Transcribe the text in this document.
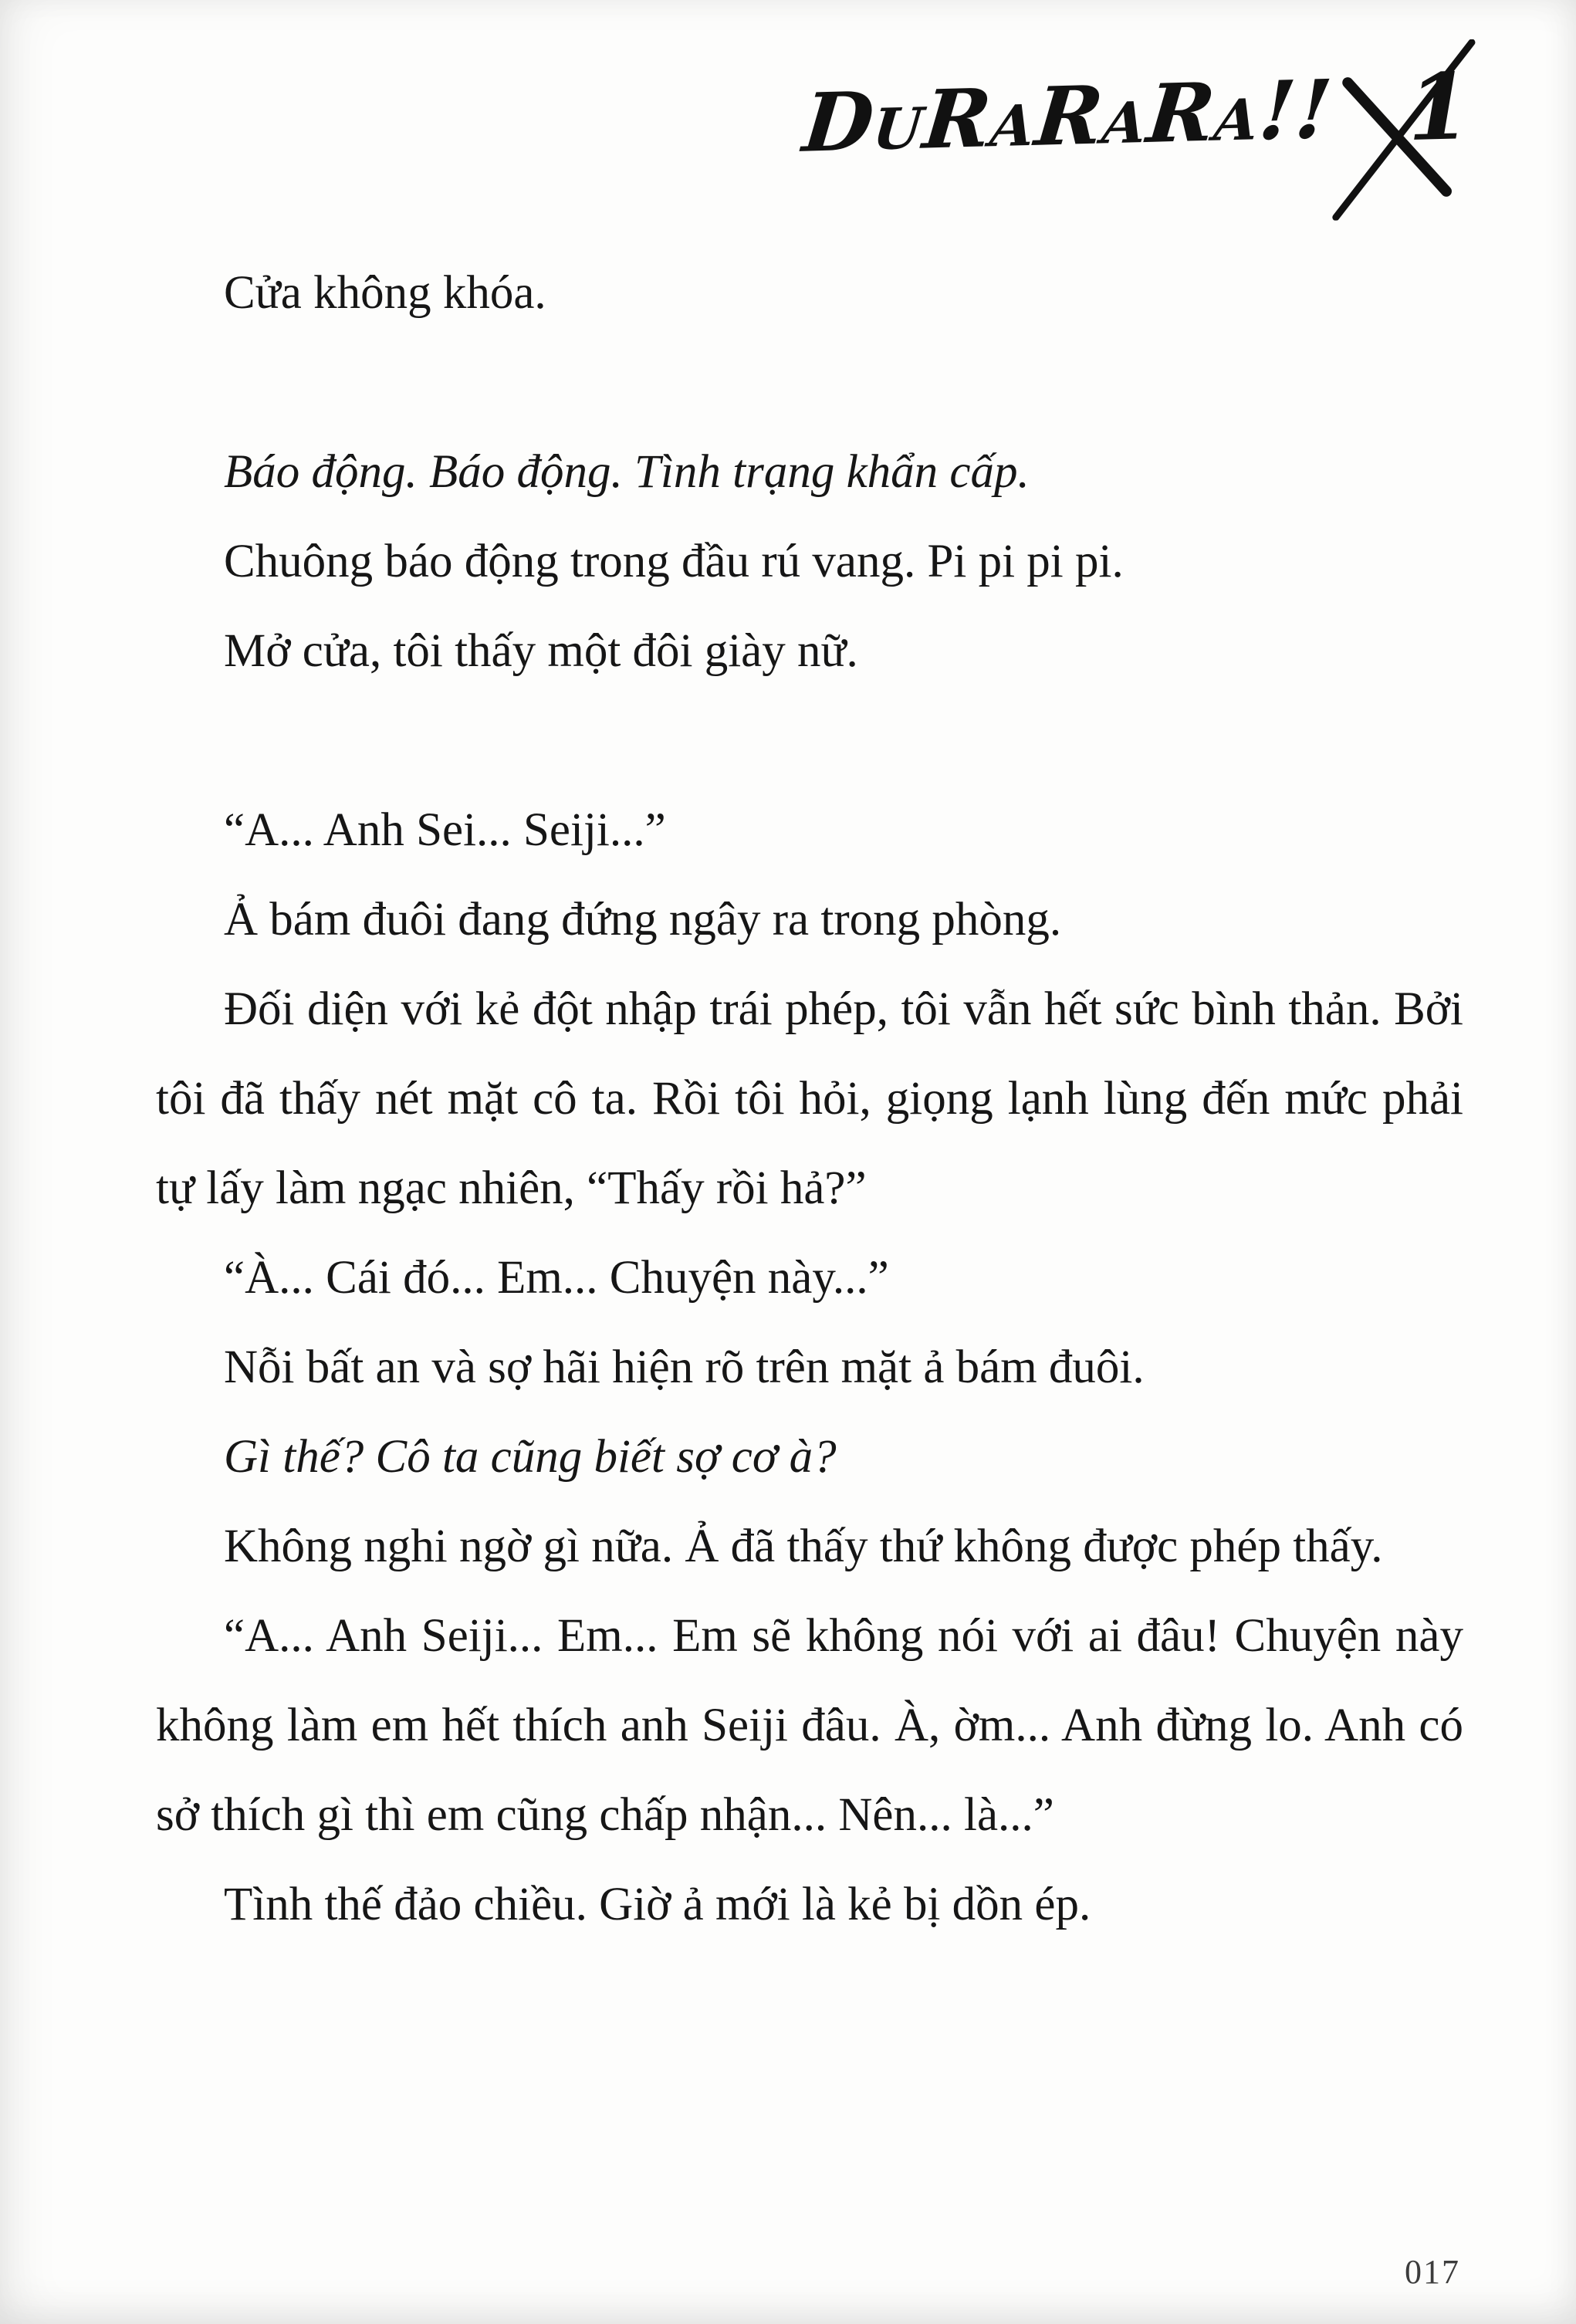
DuRaRaRa!! 1

Cửa không khóa.

Báo động. Báo động. Tình trạng khẩn cấp.

Chuông báo động trong đầu rú vang. Pi pi pi pi.

Mở cửa, tôi thấy một đôi giày nữ.

“A... Anh Sei... Seiji...”

Ả bám đuôi đang đứng ngây ra trong phòng.

Đối diện với kẻ đột nhập trái phép, tôi vẫn hết sức bình thản. Bởi tôi đã thấy nét mặt cô ta. Rồi tôi hỏi, giọng lạnh lùng đến mức phải tự lấy làm ngạc nhiên, “Thấy rồi hả?”

“À... Cái đó... Em... Chuyện này...”

Nỗi bất an và sợ hãi hiện rõ trên mặt ả bám đuôi.

Gì thế? Cô ta cũng biết sợ cơ à?

Không nghi ngờ gì nữa. Ả đã thấy thứ không được phép thấy.

“A... Anh Seiji... Em... Em sẽ không nói với ai đâu! Chuyện này không làm em hết thích anh Seiji đâu. À, ờm... Anh đừng lo. Anh có sở thích gì thì em cũng chấp nhận... Nên... là...”

Tình thế đảo chiều. Giờ ả mới là kẻ bị dồn ép.

017
